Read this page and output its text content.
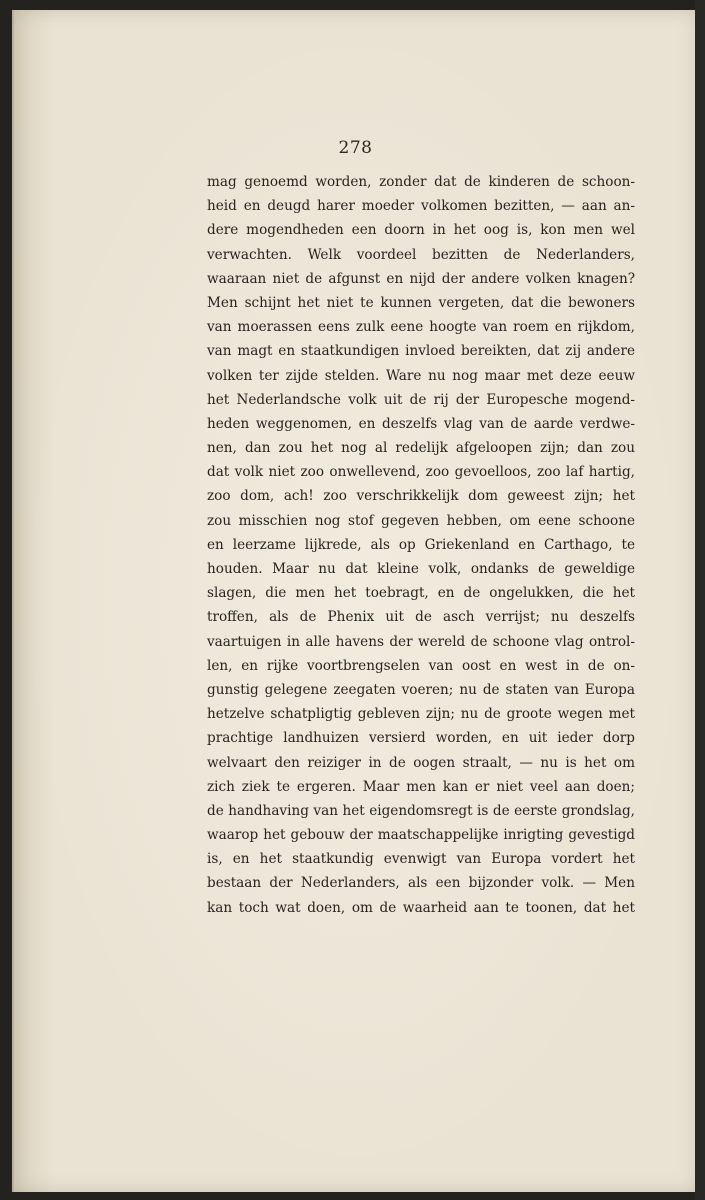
278
mag genoemd worden, zonder dat de kinderen de schoon-
heid en deugd harer moeder volkomen bezitten, — aan an-
dere mogendheden een doorn in het oog is, kon men wel
verwachten. Welk voordeel bezitten de Nederlanders,
waaraan niet de afgunst en nijd der andere volken knagen?
Men schijnt het niet te kunnen vergeten, dat die bewoners
van moerassen eens zulk eene hoogte van roem en rijkdom,
van magt en staatkundigen invloed bereikten, dat zij andere
volken ter zijde stelden. Ware nu nog maar met deze eeuw
het Nederlandsche volk uit de rij der Europesche mogend-
heden weggenomen, en deszelfs vlag van de aarde verdwe-
nen, dan zou het nog al redelijk afgeloopen zijn; dan zou
dat volk niet zoo onwellevend, zoo gevoelloos, zoo laf hartig,
zoo dom, ach! zoo verschrikkelijk dom geweest zijn; het
zou misschien nog stof gegeven hebben, om eene schoone
en leerzame lijkrede, als op Griekenland en Carthago, te
houden. Maar nu dat kleine volk, ondanks de geweldige
slagen, die men het toebragt, en de ongelukken, die het
troffen, als de Phenix uit de asch verrijst; nu deszelfs
vaartuigen in alle havens der wereld de schoone vlag ontrol-
len, en rijke voortbrengselen van oost en west in de on-
gunstig gelegene zeegaten voeren; nu de staten van Europa
hetzelve schatpligtig gebleven zijn; nu de groote wegen met
prachtige landhuizen versierd worden, en uit ieder dorp
welvaart den reiziger in de oogen straalt, — nu is het om
zich ziek te ergeren. Maar men kan er niet veel aan doen;
de handhaving van het eigendomsregt is de eerste grondslag,
waarop het gebouw der maatschappelijke inrigting gevestigd
is, en het staatkundig evenwigt van Europa vordert het
bestaan der Nederlanders, als een bijzonder volk. — Men
kan toch wat doen, om de waarheid aan te toonen, dat het
